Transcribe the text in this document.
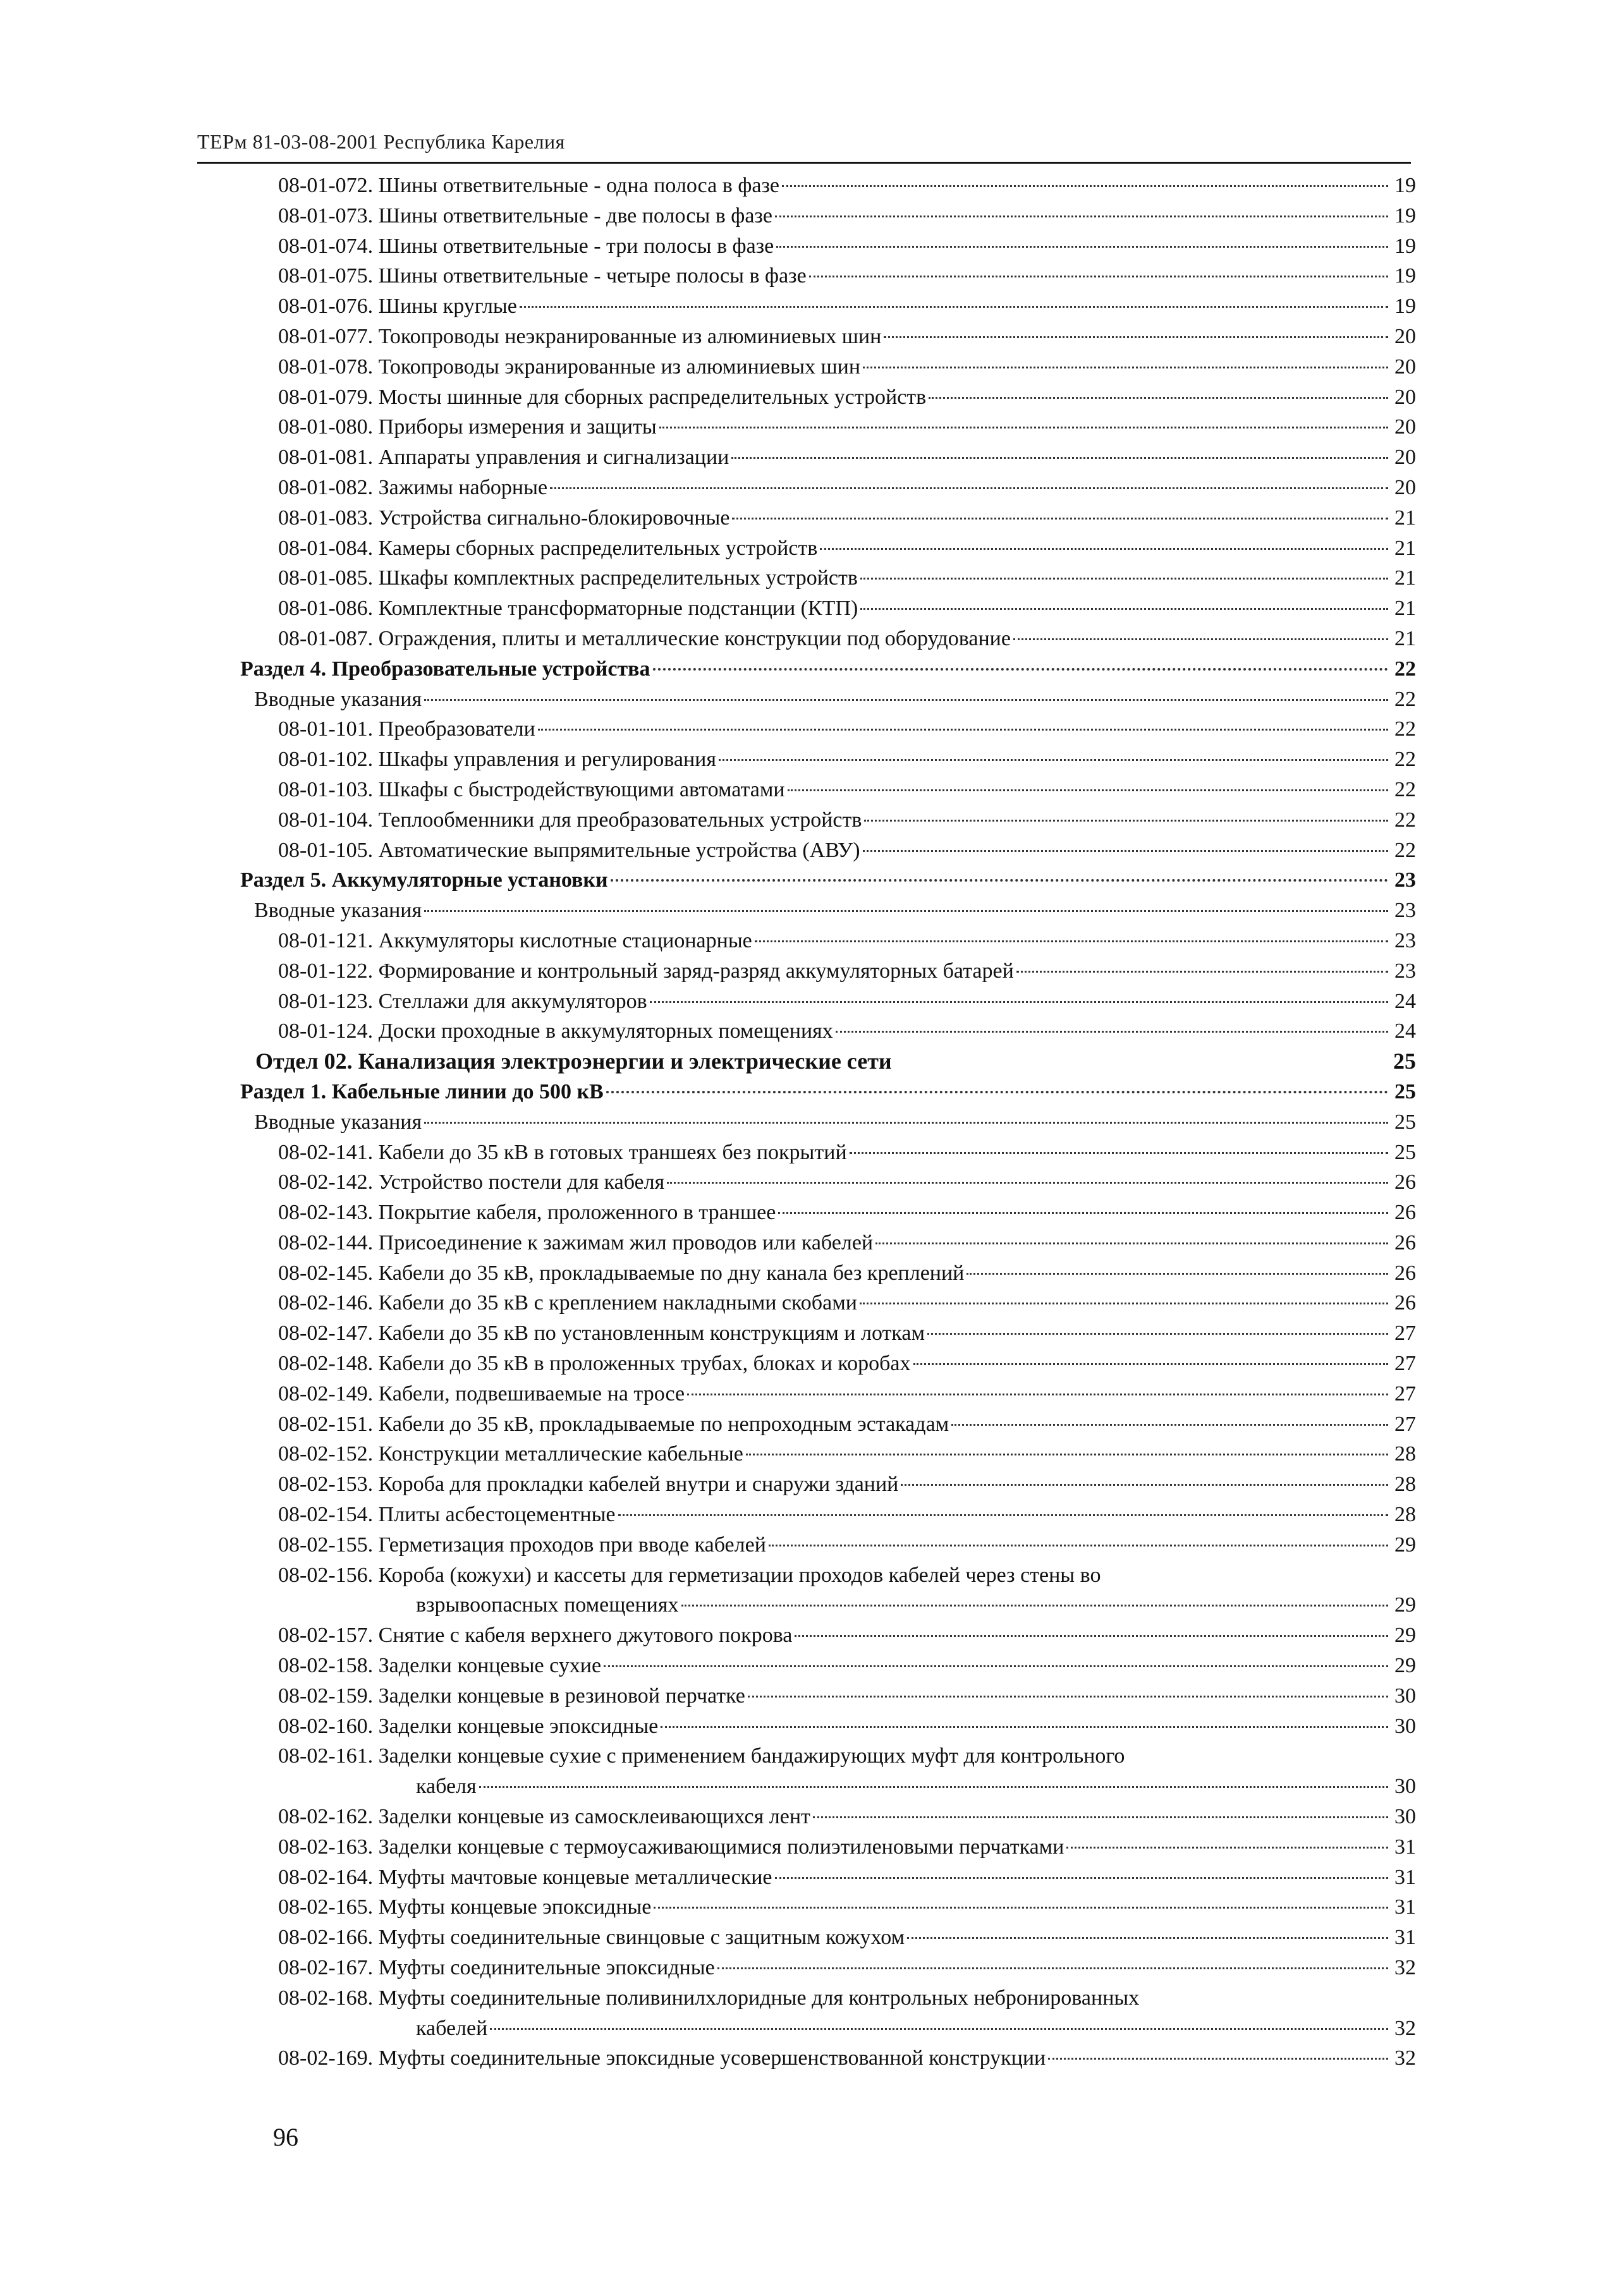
ТЕРм 81-03-08-2001 Республика Карелия
08-01-072. Шины ответвительные - одна полоса в фазе	19
08-01-073. Шины ответвительные - две полосы в фазе	19
08-01-074. Шины ответвительные - три полосы в фазе	19
08-01-075. Шины ответвительные - четыре полосы в фазе	19
08-01-076. Шины круглые	19
08-01-077. Токопроводы неэкранированные из алюминиевых шин	20
08-01-078. Токопроводы экранированные из алюминиевых шин	20
08-01-079. Мосты шинные для сборных распределительных устройств	20
08-01-080. Приборы измерения и защиты	20
08-01-081. Аппараты управления и сигнализации	20
08-01-082. Зажимы наборные	20
08-01-083. Устройства сигнально-блокировочные	21
08-01-084. Камеры сборных распределительных устройств	21
08-01-085. Шкафы комплектных распределительных устройств	21
08-01-086. Комплектные трансформаторные подстанции (КТП)	21
08-01-087. Ограждения, плиты и металлические конструкции под оборудование	21
Раздел 4. Преобразовательные устройства	22
Вводные указания	22
08-01-101. Преобразователи	22
08-01-102. Шкафы управления и регулирования	22
08-01-103. Шкафы с быстродействующими автоматами	22
08-01-104. Теплообменники для преобразовательных устройств	22
08-01-105. Автоматические выпрямительные устройства (АВУ)	22
Раздел 5. Аккумуляторные установки	23
Вводные указания	23
08-01-121. Аккумуляторы кислотные стационарные	23
08-01-122. Формирование и контрольный заряд-разряд аккумуляторных батарей	23
08-01-123. Стеллажи для аккумуляторов	24
08-01-124. Доски проходные в аккумуляторных помещениях	24
Отдел 02. Канализация электроэнергии и электрические сети	25
Раздел 1. Кабельные линии до 500 кВ	25
Вводные указания	25
08-02-141. Кабели до 35 кВ в готовых траншеях без покрытий	25
08-02-142. Устройство постели для кабеля	26
08-02-143. Покрытие кабеля, проложенного в траншее	26
08-02-144. Присоединение к зажимам жил проводов или кабелей	26
08-02-145. Кабели до 35 кВ, прокладываемые по дну канала без креплений	26
08-02-146. Кабели до 35 кВ с креплением накладными скобами	26
08-02-147. Кабели до 35 кВ по установленным конструкциям и лоткам	27
08-02-148. Кабели до 35 кВ в проложенных трубах, блоках и коробах	27
08-02-149. Кабели, подвешиваемые на тросе	27
08-02-151. Кабели до 35 кВ, прокладываемые по непроходным эстакадам	27
08-02-152. Конструкции металлические кабельные	28
08-02-153. Короба для прокладки кабелей внутри и снаружи зданий	28
08-02-154. Плиты асбестоцементные	28
08-02-155. Герметизация проходов при вводе кабелей	29
08-02-156. Короба (кожухи) и кассеты для герметизации проходов кабелей через стены во
взрывоопасных помещениях	29
08-02-157. Снятие с кабеля верхнего джутового покрова	29
08-02-158. Заделки концевые сухие	29
08-02-159. Заделки концевые в резиновой перчатке	30
08-02-160. Заделки концевые эпоксидные	30
08-02-161. Заделки концевые сухие с применением бандажирующих муфт для контрольного
кабеля	30
08-02-162. Заделки концевые из самосклеивающихся лент	30
08-02-163. Заделки концевые с термоусаживающимися полиэтиленовыми перчатками	31
08-02-164. Муфты мачтовые концевые металлические	31
08-02-165. Муфты концевые эпоксидные	31
08-02-166. Муфты соединительные свинцовые с защитным кожухом	31
08-02-167. Муфты соединительные эпоксидные	32
08-02-168. Муфты соединительные поливинилхлоридные для контрольных небронированных
кабелей	32
08-02-169. Муфты соединительные эпоксидные усовершенствованной конструкции	32
96
